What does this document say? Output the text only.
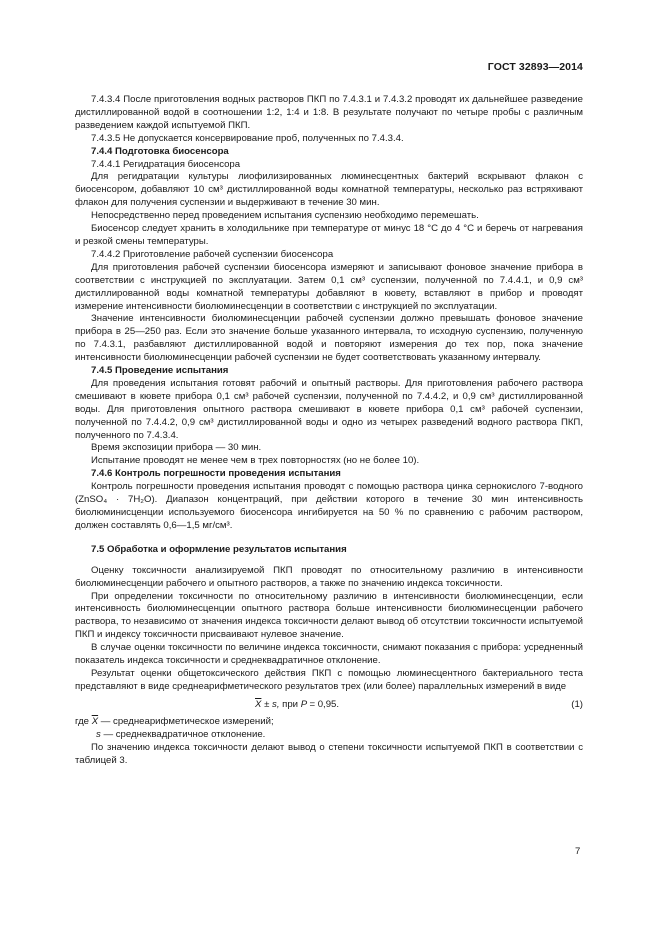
ГОСТ 32893—2014

7.4.3.4 После приготовления водных растворов ПКП по 7.4.3.1 и 7.4.3.2 проводят их дальнейшее разведение дистиллированной водой в соотношении 1:2, 1:4 и 1:8. В результате получают по четыре пробы с различным разведением каждой испытуемой ПКП.

7.4.3.5 Не допускается консервирование проб, полученных по 7.4.3.4.

7.4.4 Подготовка биосенсора

7.4.4.1 Регидратация биосенсора

Для регидратации культуры лиофилизированных люминесцентных бактерий вскрывают флакон с биосенсором, добавляют 10 см³ дистиллированной воды комнатной температуры, несколько раз встряхивают флакон для получения суспензии и выдерживают в течение 30 мин.

Непосредственно перед проведением испытания суспензию необходимо перемешать.

Биосенсор следует хранить в холодильнике при температуре от минус 18 °С до 4 °С и беречь от нагревания и резкой смены температуры.

7.4.4.2 Приготовление рабочей суспензии биосенсора

Для приготовления рабочей суспензии биосенсора измеряют и записывают фоновое значение прибора в соответствии с инструкцией по эксплуатации. Затем 0,1 см³ суспензии, полученной по 7.4.4.1, и 0,9 см³ дистиллированной воды комнатной температуры добавляют в кювету, вставляют в прибор и проводят измерение интенсивности биолюминесценции в соответствии с инструкцией по эксплуатации.

Значение интенсивности биолюминесценции рабочей суспензии должно превышать фоновое значение прибора в 25—250 раз. Если это значение больше указанного интервала, то исходную суспензию, полученную по 7.4.3.1, разбавляют дистиллированной водой и повторяют измерения до тех пор, пока значение интенсивности биолюминесценции рабочей суспензии не будет соответствовать указанному интервалу.

7.4.5 Проведение испытания

Для проведения испытания готовят рабочий и опытный растворы. Для приготовления рабочего раствора смешивают в кювете прибора 0,1 см³ рабочей суспензии, полученной по 7.4.4.2, и 0,9 см³ дистиллированной воды. Для приготовления опытного раствора смешивают в кювете прибора 0,1 см³ рабочей суспензии, полученной по 7.4.4.2, 0,9 см³ дистиллированной воды и одно из четырех разведений водного раствора ПКП, полученного по 7.4.3.4.

Время экспозиции прибора — 30 мин.

Испытание проводят не менее чем в трех повторностях (но не более 10).

7.4.6 Контроль погрешности проведения испытания

Контроль погрешности проведения испытания проводят с помощью раствора цинка сернокислого 7-водного (ZnSO₄ · 7H₂O). Диапазон концентраций, при действии которого в течение 30 мин интенсивность биолюминисценции используемого биосенсора ингибируется на 50 % по сравнению с рабочим раствором, должен составлять 0,6—1,5 мг/см³.

7.5 Обработка и оформление результатов испытания

Оценку токсичности анализируемой ПКП проводят по относительному различию в интенсивности биолюминесценции рабочего и опытного растворов, а также по значению индекса токсичности.

При определении токсичности по относительному различию в интенсивности биолюминесценции, если интенсивность биолюминесценции опытного раствора больше интенсивности биолюминесценции рабочего раствора, то независимо от значения индекса токсичности делают вывод об отсутствии токсичности испытуемой ПКП и индексу токсичности присваивают нулевое значение.

В случае оценки токсичности по величине индекса токсичности, снимают показания с прибора: усредненный показатель индекса токсичности и среднеквадратичное отклонение.

Результат оценки общетоксического действия ПКП с помощью люминесцентного бактериального теста представляют в виде среднеарифметического результатов трех (или более) параллельных измерений в виде

$\overline{X} \pm s$, при P = 0,95.	(1)

где $\overline{X}$ — среднеарифметическое измерений;

s — среднеквадратичное отклонение.

По значению индекса токсичности делают вывод о степени токсичности испытуемой ПКП в соответствии с таблицей 3.

7
